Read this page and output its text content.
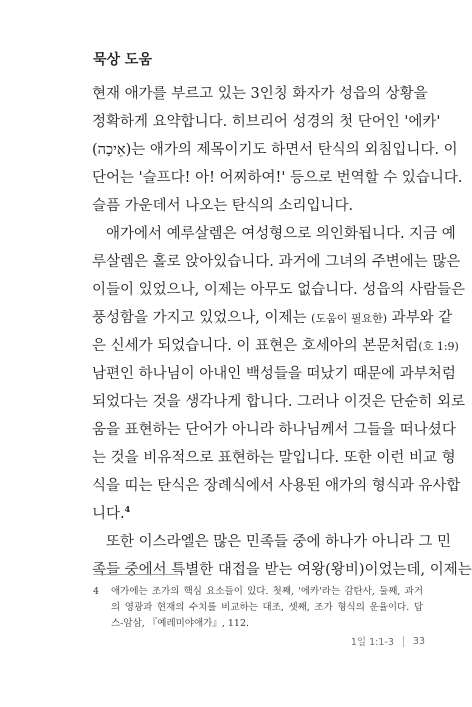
묵상 도움
현재 애가를 부르고 있는 3인칭 화자가 성읍의 상황을
정확하게 요약합니다. 히브리어 성경의 첫 단어인 '에카'
(אֵיכָה)는 애가의 제목이기도 하면서 탄식의 외침입니다. 이
단어는 '슬프다! 아! 어찌하여!' 등으로 번역할 수 있습니다.
슬픔 가운데서 나오는 탄식의 소리입니다.
애가에서 예루살렘은 여성형으로 의인화됩니다. 지금 예
루살렘은 홀로 앉아있습니다. 과거에 그녀의 주변에는 많은
이들이 있었으나, 이제는 아무도 없습니다. 성읍의 사람들은
풍성함을 가지고 있었으나, 이제는 (도움이 필요한) 과부와 같
은 신세가 되었습니다. 이 표현은 호세아의 본문처럼(호 1:9)
남편인 하나님이 아내인 백성들을 떠났기 때문에 과부처럼
되었다는 것을 생각나게 합니다. 그러나 이것은 단순히 외로
움을 표현하는 단어가 아니라 하나님께서 그들을 떠나셨다
는 것을 비유적으로 표현하는 말입니다. 또한 이런 비교 형
식을 띠는 탄식은 장례식에서 사용된 애가의 형식과 유사합
니다.$^4$
또한 이스라엘은 많은 민족들 중에 하나가 아니라 그 민
족들 중에서 특별한 대접을 받는 여왕(왕비)이었는데, 이제는
4	애가에는 조가의 핵심 요소들이 있다. 첫째, '에카'라는 감탄사, 둘째, 과거
의 영광과 현재의 수치를 비교하는 대조, 셋째, 조가 형식의 운율이다. 답
스-암삼, 『예레미야애가』, 112.
1일 1:1-3 33
